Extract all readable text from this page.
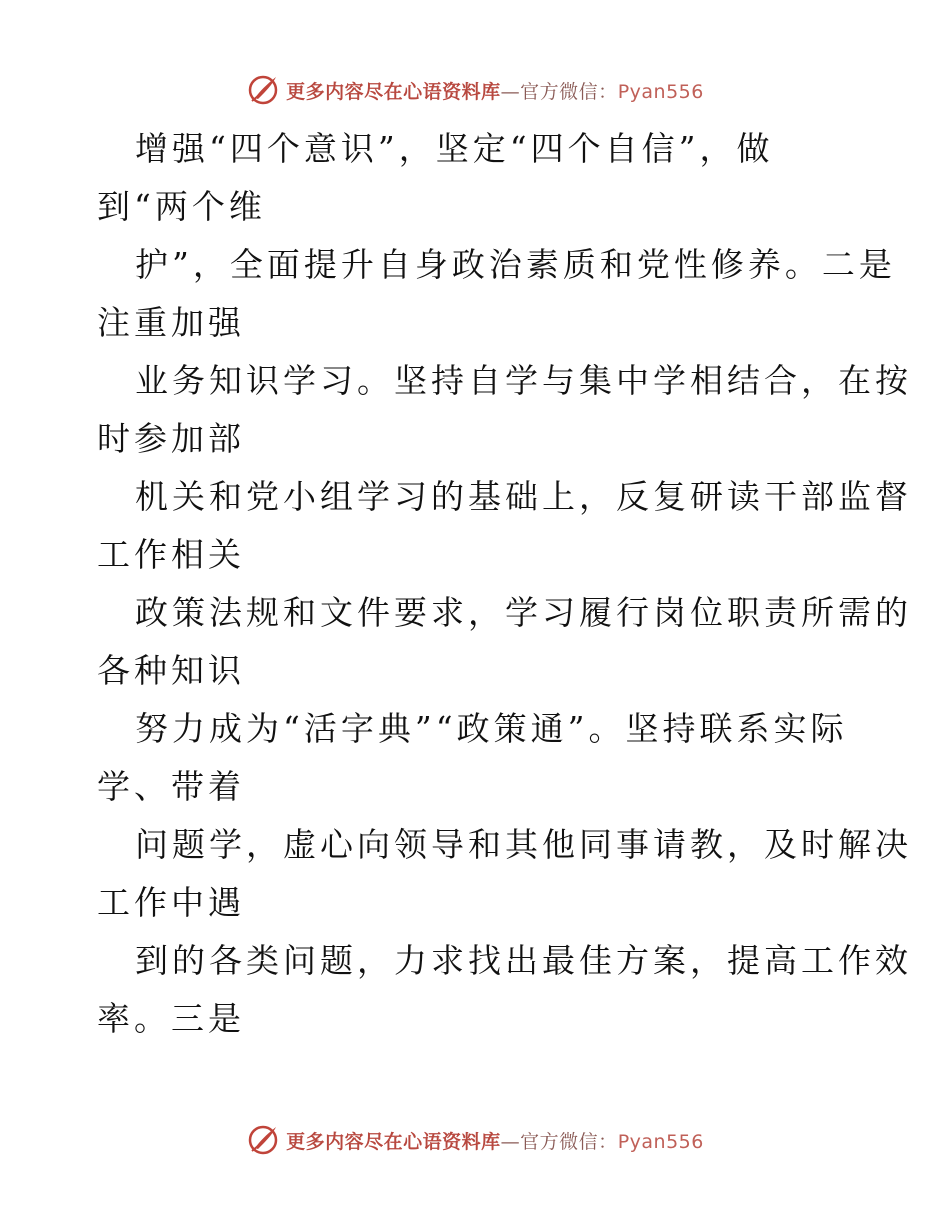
更多内容尽在心语资料库—官方微信：Pyan556
增强“四个意识”，坚定“四个自信”，做
到“两个维
护”，全面提升自身政治素质和党性修养。二是
注重加强
业务知识学习。坚持自学与集中学相结合，在按
时参加部
机关和党小组学习的基础上，反复研读干部监督
工作相关
政策法规和文件要求，学习履行岗位职责所需的
各种知识
努力成为“活字典”“政策通”。坚持联系实际
学、带着
问题学，虚心向领导和其他同事请教，及时解决
工作中遇
到的各类问题，力求找出最佳方案，提高工作效
率。三是
更多内容尽在心语资料库—官方微信：Pyan556
